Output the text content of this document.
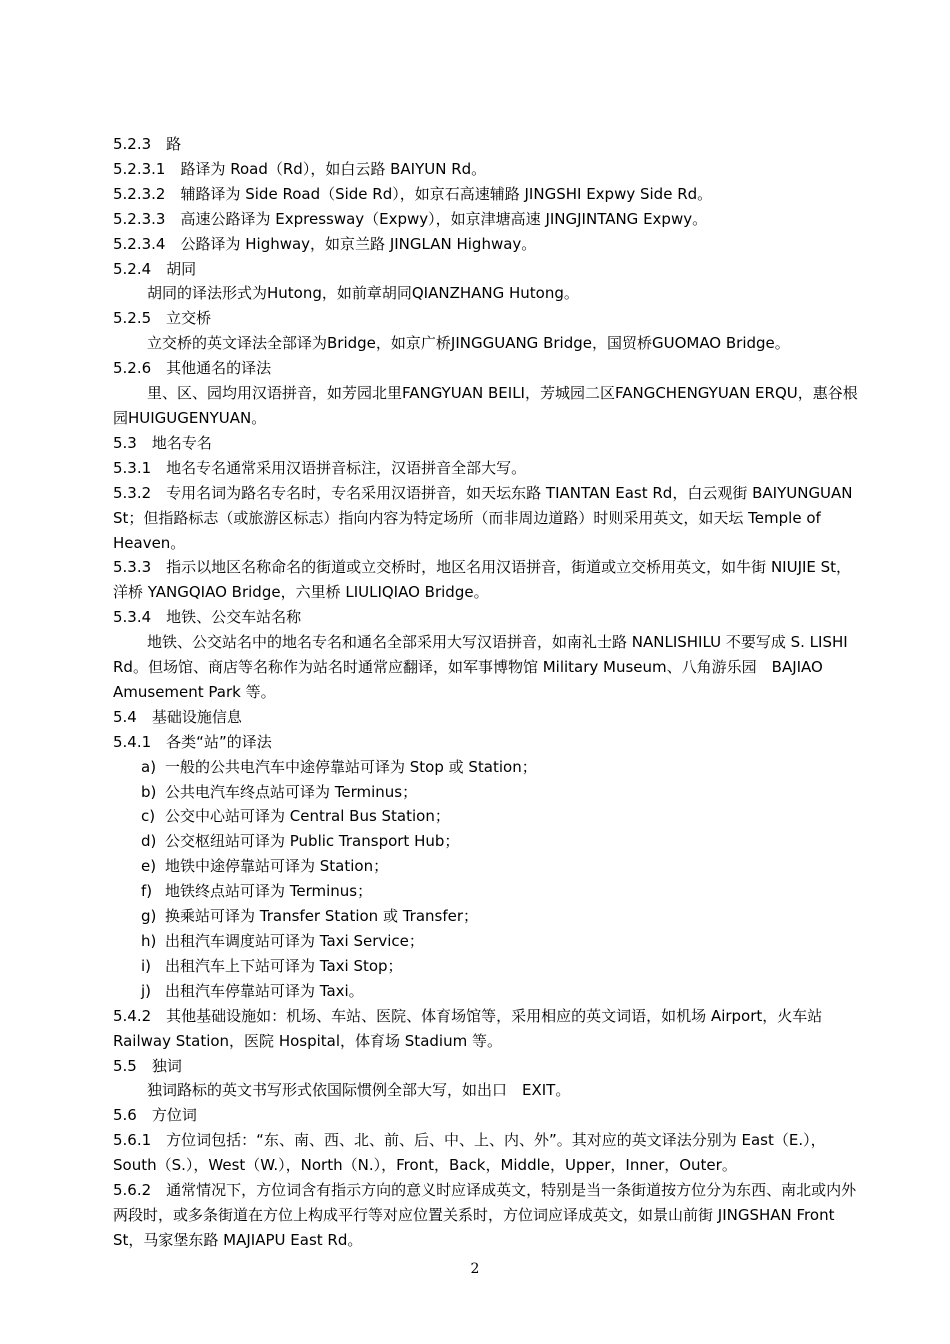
5.2.3　路

5.2.3.1　路译为 Road（Rd），如白云路 BAIYUN Rd。

5.2.3.2　辅路译为 Side Road（Side Rd），如京石高速辅路 JINGSHI Expwy Side Rd。

5.2.3.3　高速公路译为 Expressway（Expwy），如京津塘高速 JINGJINTANG Expwy。

5.2.3.4　公路译为 Highway，如京兰路 JINGLAN Highway。

5.2.4　胡同

胡同的译法形式为Hutong，如前章胡同QIANZHANG Hutong。

5.2.5　立交桥

立交桥的英文译法全部译为Bridge，如京广桥JINGGUANG Bridge，国贸桥GUOMAO Bridge。

5.2.6　其他通名的译法

里、区、园均用汉语拼音，如芳园北里FANGYUAN BEILI，芳城园二区FANGCHENGYUAN ERQU，惠谷根园HUIGUGENYUAN。

5.3　地名专名

5.3.1　地名专名通常采用汉语拼音标注，汉语拼音全部大写。

5.3.2　专用名词为路名专名时，专名采用汉语拼音，如天坛东路 TIANTAN East Rd，白云观街 BAIYUNGUAN St；但指路标志（或旅游区标志）指向内容为特定场所（而非周边道路）时则采用英文，如天坛 Temple of Heaven。

5.3.3　指示以地区名称命名的街道或立交桥时，地区名用汉语拼音，街道或立交桥用英文，如牛街 NIUJIE St，洋桥 YANGQIAO Bridge，六里桥 LIULIQIAO Bridge。

5.3.4　地铁、公交车站名称

地铁、公交站名中的地名专名和通名全部采用大写汉语拼音，如南礼士路 NANLISHILU 不要写成 S. LISHI Rd。但场馆、商店等名称作为站名时通常应翻译，如军事博物馆 Military Museum、八角游乐园　BAJIAO Amusement Park 等。

5.4　基础设施信息

5.4.1　各类“站”的译法

a) 一般的公共电汽车中途停靠站可译为 Stop 或 Station；

b) 公共电汽车终点站可译为 Terminus；

c) 公交中心站可译为 Central Bus Station；

d) 公交枢纽站可译为 Public Transport Hub；

e) 地铁中途停靠站可译为 Station；

f) 地铁终点站可译为 Terminus；

g) 换乘站可译为 Transfer Station 或 Transfer；

h) 出租汽车调度站可译为 Taxi Service；

i) 出租汽车上下站可译为 Taxi Stop；

j) 出租汽车停靠站可译为 Taxi。

5.4.2　其他基础设施如：机场、车站、医院、体育场馆等，采用相应的英文词语，如机场 Airport，火车站 Railway Station，医院 Hospital，体育场 Stadium 等。

5.5　独词

独词路标的英文书写形式依国际惯例全部大写，如出口　EXIT。

5.6　方位词

5.6.1　方位词包括：“东、南、西、北、前、后、中、上、内、外”。其对应的英文译法分别为 East（E.），South（S.），West（W.），North（N.），Front，Back，Middle，Upper，Inner，Outer。

5.6.2　通常情况下，方位词含有指示方向的意义时应译成英文，特别是当一条街道按方位分为东西、南北或内外两段时，或多条街道在方位上构成平行等对应位置关系时，方位词应译成英文，如景山前街 JINGSHAN Front St，马家堡东路 MAJIAPU East Rd。

2
